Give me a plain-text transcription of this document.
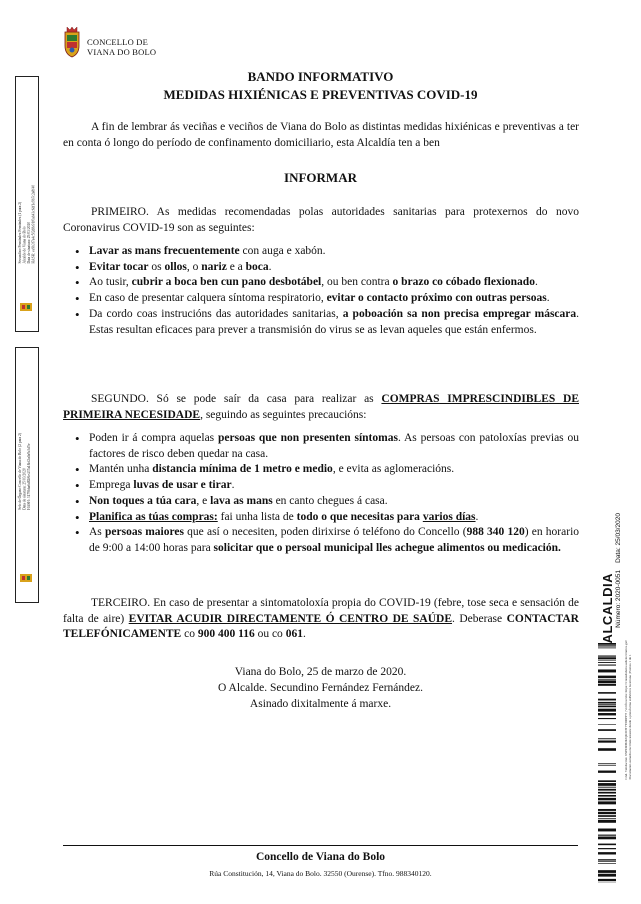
CONCELLO DE
VIANA DO BOLO
Secundino Fernández Fernández (1 para 2) Alcalde de Viana do Bolo Data de sinatura: 25/03/2020 HASH: ee9b3f7a4c5f2d8e91f0ab43c6df1e9b7c2a8f40
Selo de Órgano Concello de Viana do Bolo (2 para 2) Data de sinatura: 25/03/2020 HASH: 3179bba6d82f6e437a18cf2a0a9c3d5e
BANDO INFORMATIVO
MEDIDAS HIXIÉNICAS E PREVENTIVAS COVID-19
A fin de lembrar ás veciñas e veciños de Viana do Bolo as distintas medidas hixiénicas e preventivas a ter en conta ó longo do período de confinamento domiciliario, esta Alcaldía ten a ben
INFORMAR
PRIMEIRO. As medidas recomendadas polas autoridades sanitarias para protexernos do novo Coronavirus COVID-19 son as seguintes:
• Lavar as mans frecuentemente con auga e xabón.
• Evitar tocar os ollos, o nariz e a boca.
• Ao tusir, cubrir a boca ben cun pano desbotábel, ou ben contra o brazo co cóbado flexionado.
• En caso de presentar calquera síntoma respiratorio, evitar o contacto próximo con outras persoas.
• Da cordo coas instrucións das autoridades sanitarias, a poboación sa non precisa empregar máscara. Estas resultan eficaces para prever a transmisión do virus se as levan aqueles que están enfermos.
SEGUNDO. Só se pode saír da casa para realizar as COMPRAS IMPRESCINDIBLES DE PRIMEIRA NECESIDADE, seguindo as seguintes precaucións:
• Poden ir á compra aquelas persoas que non presenten síntomas. As persoas con patoloxías previas ou factores de risco deben quedar na casa.
• Mantén unha distancia mínima de 1 metro e medio, e evita as aglomeracións.
• Emprega luvas de usar e tirar.
• Non toques a túa cara, e lava as mans en canto chegues á casa.
• Planifica as túas compras: fai unha lista de todo o que necesitas para varios días.
• As persoas maiores que así o necesiten, poden dirixirse ó teléfono do Concello (988 340 120) en horario de 9:00 a 14:00 horas para solicitar que o persoal municipal lles achegue alimentos ou medicación.
TERCEIRO. En caso de presentar a sintomatoloxía propia do COVID-19 (febre, tose seca e sensación de falta de aire) EVITAR ACUDIR DIRECTAMENTE Ó CENTRO DE SAÚDE. Deberase CONTACTAR TELEFÓNICAMENTE co 900 400 116 ou co 061.
Viana do Bolo, 25 de marzo de 2020.
O Alcalde. Secundino Fernández Fernández.
Asinado dixitalmente á marxe.
Concello de Viana do Bolo
Rúa Constitución, 14, Viana do Bolo. 32550 (Ourense). Tfno. 988340120.
ALCALDIA Número: 2020-0051
Data: 25/03/2020
Cód. Validación: 6XPDRHJ4JQKD3T7TDRPFT | Verificación: https://vianadobolo.sedelectronica.gal/ Documento asinado electrónicamente desde a plataforma esPublico Gestiona | Páxina 1 de 1
